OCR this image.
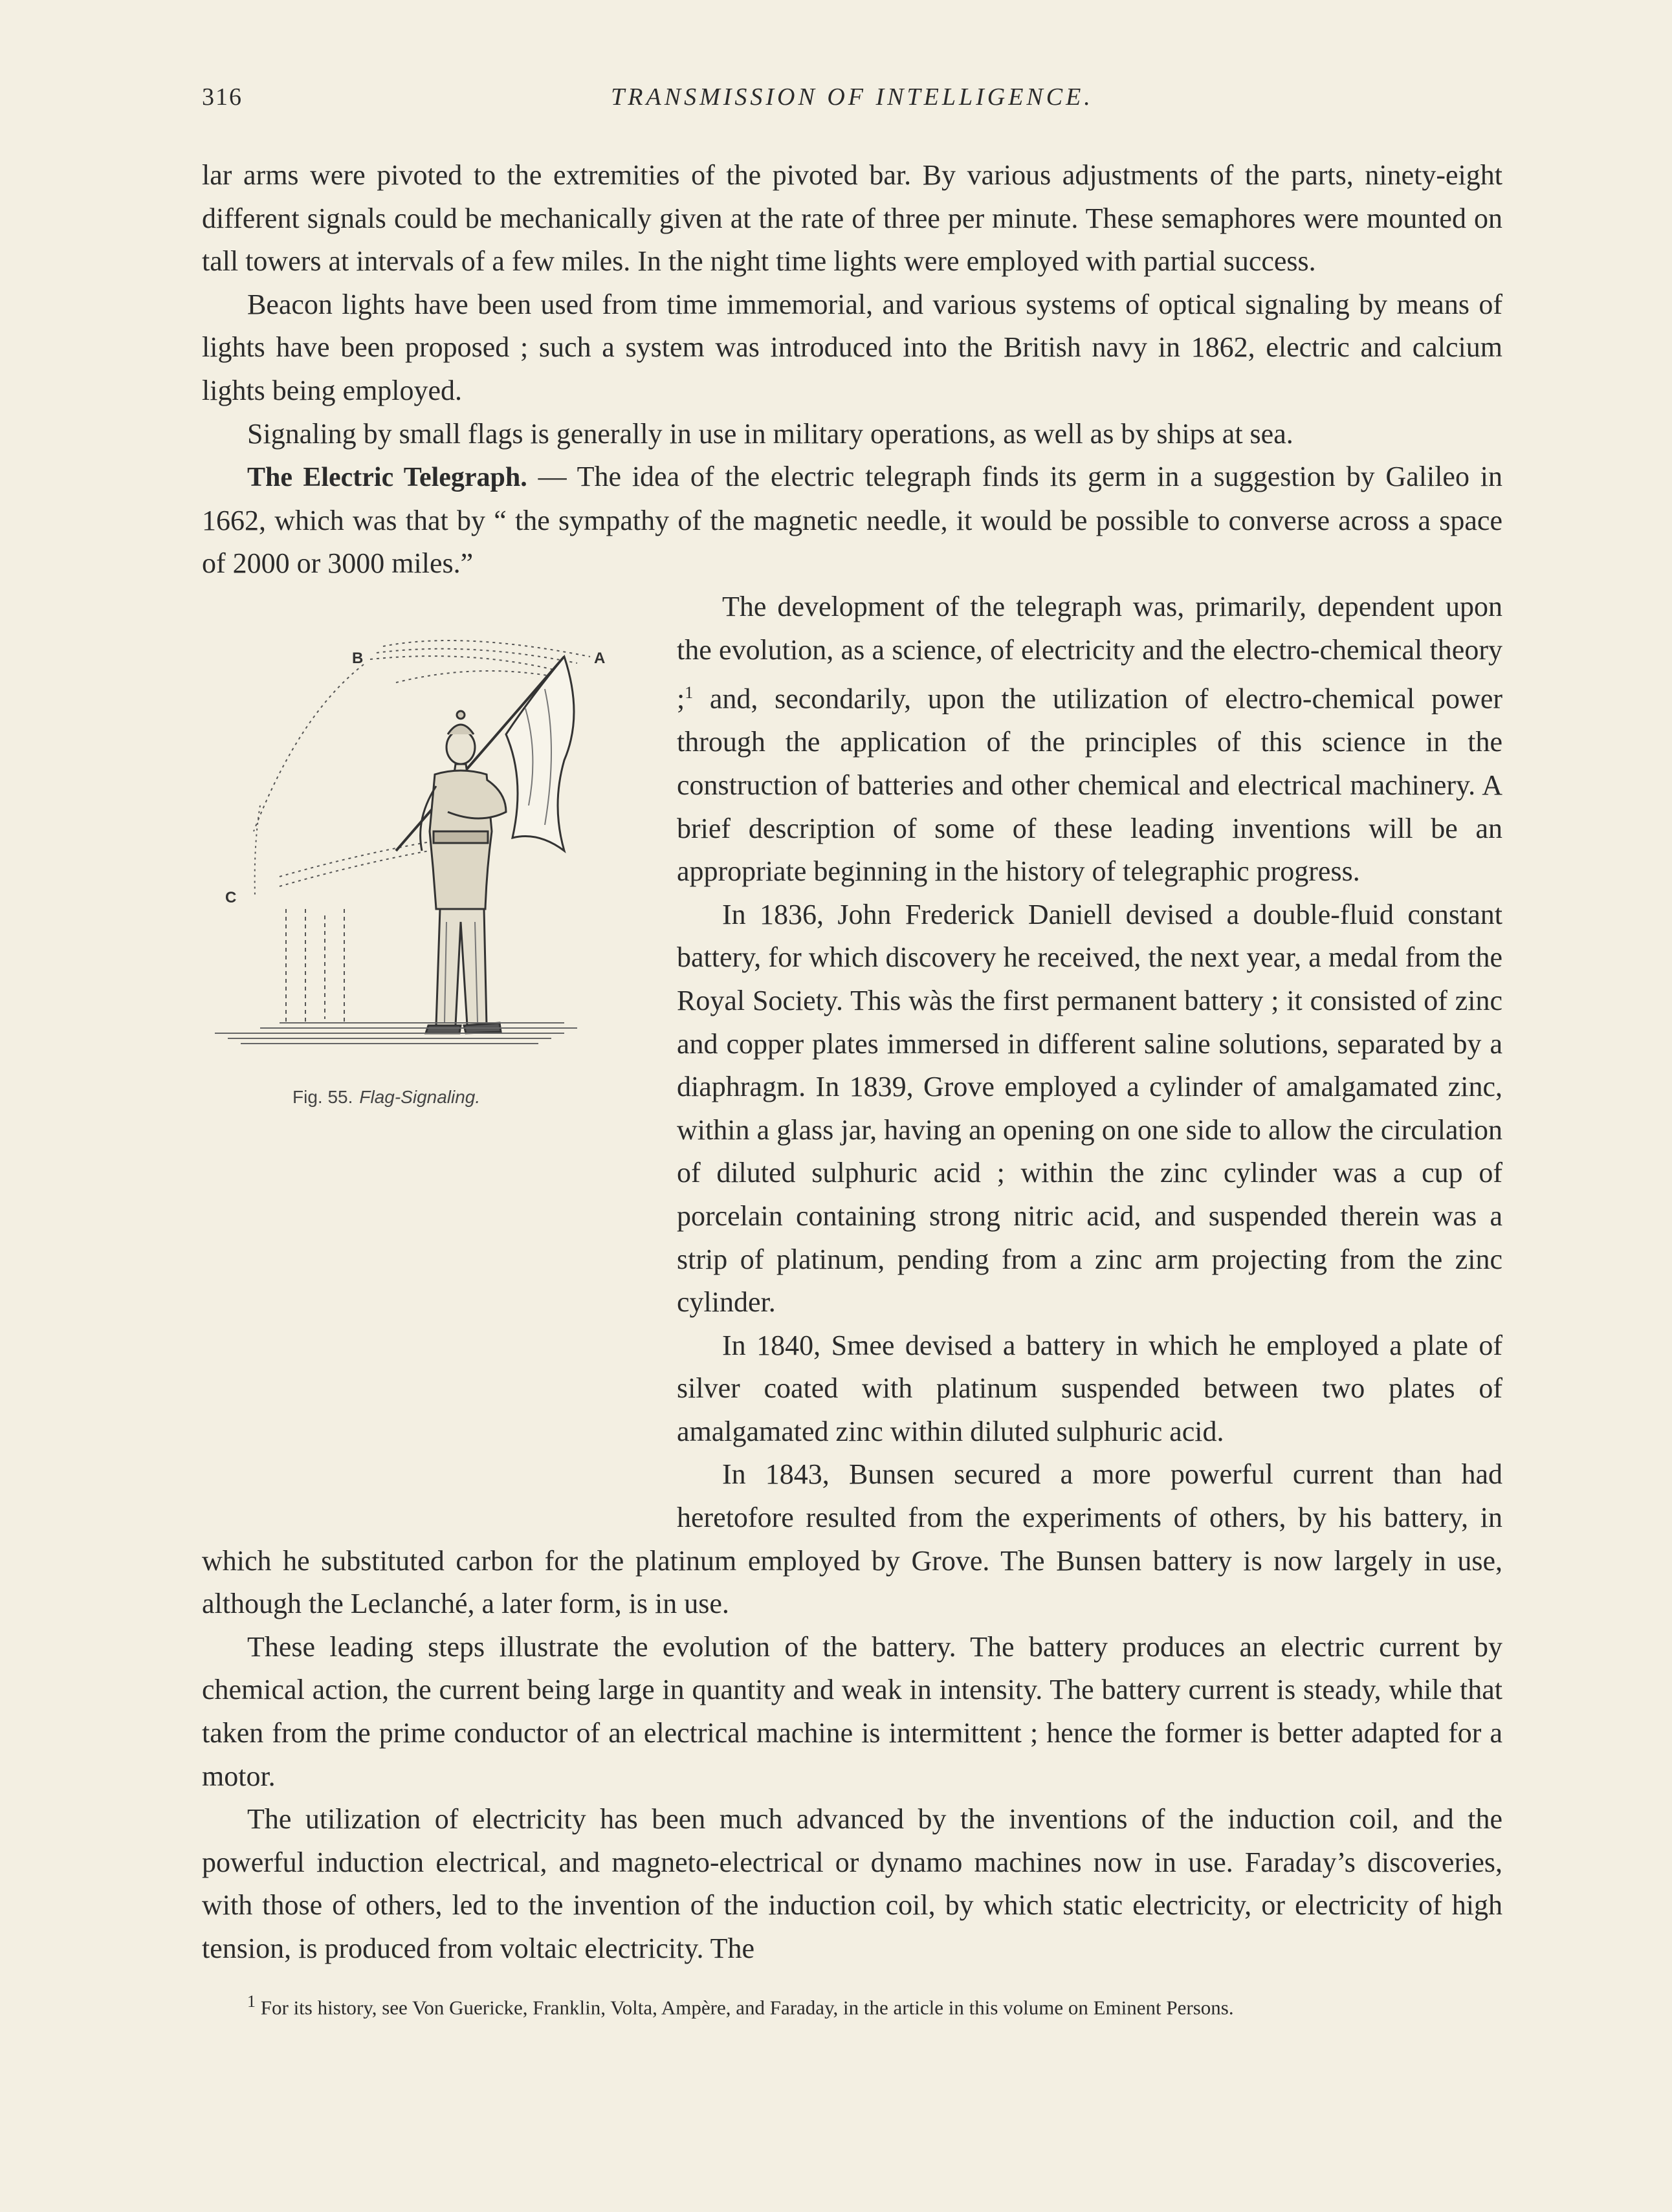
316	TRANSMISSION OF INTELLIGENCE.

lar arms were pivoted to the extremities of the pivoted bar. By various adjustments of the parts, ninety-eight different signals could be mechanically given at the rate of three per minute. These semaphores were mounted on tall towers at intervals of a few miles. In the night time lights were employed with partial success.

Beacon lights have been used from time immemorial, and various systems of optical signaling by means of lights have been proposed ; such a system was introduced into the British navy in 1862, electric and calcium lights being employed.

Signaling by small flags is generally in use in military operations, as well as by ships at sea.

The Electric Telegraph. — The idea of the electric telegraph finds its germ in a suggestion by Galileo in 1662, which was that by “ the sympathy of the magnetic needle, it would be possible to converse across a space of 2000 or 3000 miles.”

B	A
C
Fig. 55. Flag-Signaling.

The development of the telegraph was, primarily, dependent upon the evolution, as a science, of electricity and the electro-chemical theory ;$^1$ and, secondarily, upon the utilization of electro-chemical power through the application of the principles of this science in the construction of batteries and other chemical and electrical machinery. A brief description of some of these leading inventions will be an appropriate beginning in the history of telegraphic progress.

In 1836, John Frederick Daniell devised a double-fluid constant battery, for which discovery he received, the next year, a medal from the Royal Society. This wàs the first permanent battery ; it consisted of zinc and copper plates immersed in different saline solutions, separated by a diaphragm. In 1839, Grove employed a cylinder of amalgamated zinc, within a glass jar, having an opening on one side to allow the circulation of diluted sulphuric acid ; within the zinc cylinder was a cup of porcelain containing strong nitric acid, and suspended therein was a strip of platinum, pending from a zinc arm projecting from the zinc cylinder.

In 1840, Smee devised a battery in which he employed a plate of silver coated with platinum suspended between two plates of amalgamated zinc within diluted sulphuric acid.

In 1843, Bunsen secured a more powerful current than had heretofore resulted from the experiments of others, by his battery, in which he substituted carbon for the platinum employed by Grove. The Bunsen battery is now largely in use, although the Leclanché, a later form, is in use.

These leading steps illustrate the evolution of the battery. The battery produces an electric current by chemical action, the current being large in quantity and weak in intensity. The battery current is steady, while that taken from the prime conductor of an electrical machine is intermittent ; hence the former is better adapted for a motor.

The utilization of electricity has been much advanced by the inventions of the induction coil, and the powerful induction electrical, and magneto-electrical or dynamo machines now in use. Faraday’s discoveries, with those of others, led to the invention of the induction coil, by which static electricity, or electricity of high tension, is produced from voltaic electricity. The

$^1$ For its history, see Von Guericke, Franklin, Volta, Ampère, and Faraday, in the article in this volume on Eminent Persons.
